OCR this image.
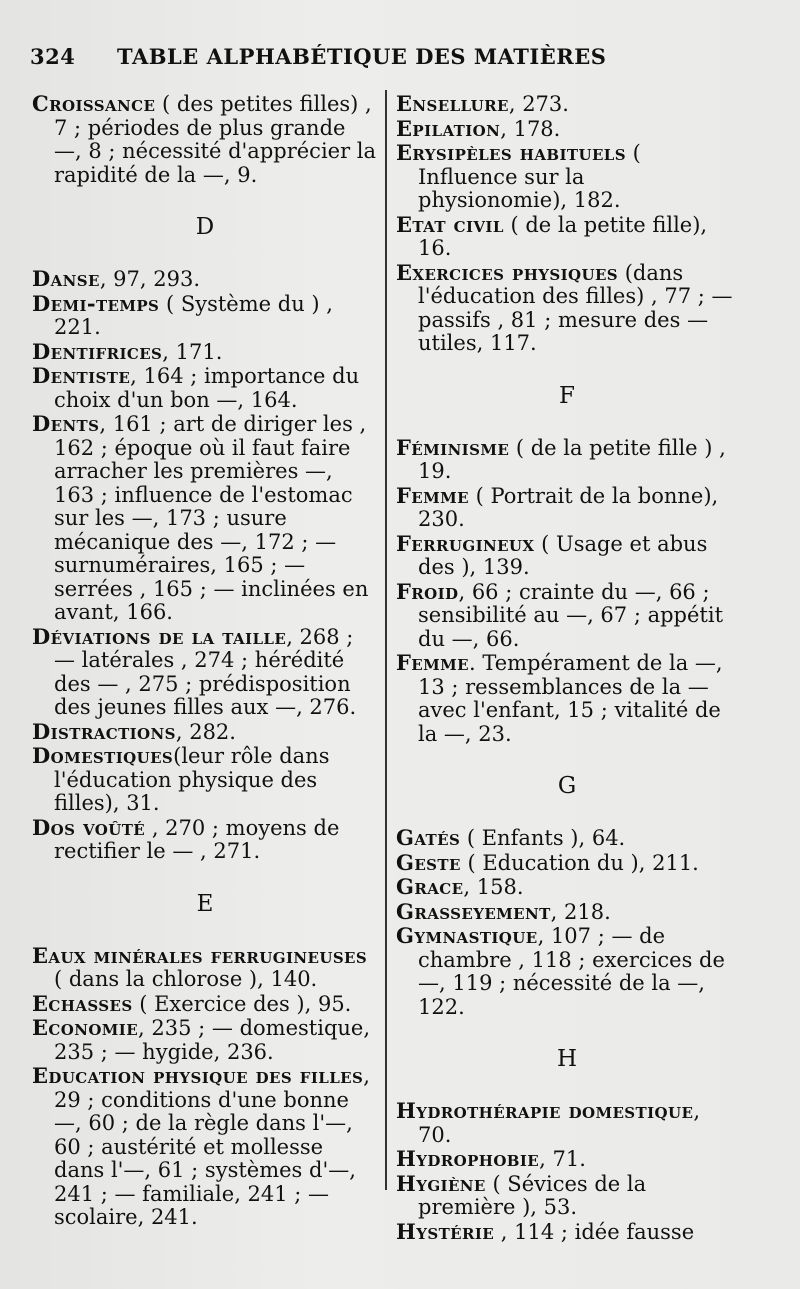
324 TABLE ALPHABÉTIQUE DES MATIÈRES

Croissance ( des petites filles) , 7 ; périodes de plus grande —, 8 ; nécessité d'apprécier la rapidité de la —, 9.

D

Danse, 97, 293.

Demi-temps ( Système du ) , 221.

Dentifrices, 171.

Dentiste, 164 ; importance du choix d'un bon —, 164.

Dents, 161 ; art de diriger les , 162 ; époque où il faut faire arracher les premières —, 163 ; influence de l'estomac sur les —, 173 ; usure mécanique des —, 172 ; — surnuméraires, 165 ; — serrées , 165 ; — inclinées en avant, 166.

Déviations de la taille, 268 ; — latérales , 274 ; hérédité des — , 275 ; prédisposition des jeunes filles aux —, 276.

Distractions, 282.

Domestiques(leur rôle dans l'éducation physique des filles), 31.

Dos voûté , 270 ; moyens de rectifier le — , 271.

E

Eaux minérales ferrugineuses ( dans la chlorose ), 140.

Echasses ( Exercice des ), 95.

Economie, 235 ; — domestique, 235 ; — hygide, 236.

Education physique des filles, 29 ; conditions d'une bonne —, 60 ; de la règle dans l'—, 60 ; austérité et mollesse dans l'—, 61 ; systèmes d'—, 241 ; — familiale, 241 ; — scolaire, 241.

Ensellure, 273.

Epilation, 178.

Erysipèles habituels ( Influence sur la physionomie), 182.

Etat civil ( de la petite fille), 16.

Exercices physiques (dans l'éducation des filles) , 77 ; — passifs , 81 ; mesure des — utiles, 117.

F

Féminisme ( de la petite fille ) , 19.

Femme ( Portrait de la bonne), 230.

Ferrugineux ( Usage et abus des ), 139.

Froid, 66 ; crainte du —, 66 ; sensibilité au —, 67 ; appétit du —, 66.

Femme. Tempérament de la —, 13 ; ressemblances de la — avec l'enfant, 15 ; vitalité de la —, 23.

G

Gatés ( Enfants ), 64.

Geste ( Education du ), 211.

Grace, 158.

Grasseyement, 218.

Gymnastique, 107 ; — de chambre , 118 ; exercices de —, 119 ; nécessité de la —, 122.

H

Hydrothérapie domestique, 70.

Hydrophobie, 71.

Hygiène ( Sévices de la première ), 53.

Hystérie , 114 ; idée fausse
